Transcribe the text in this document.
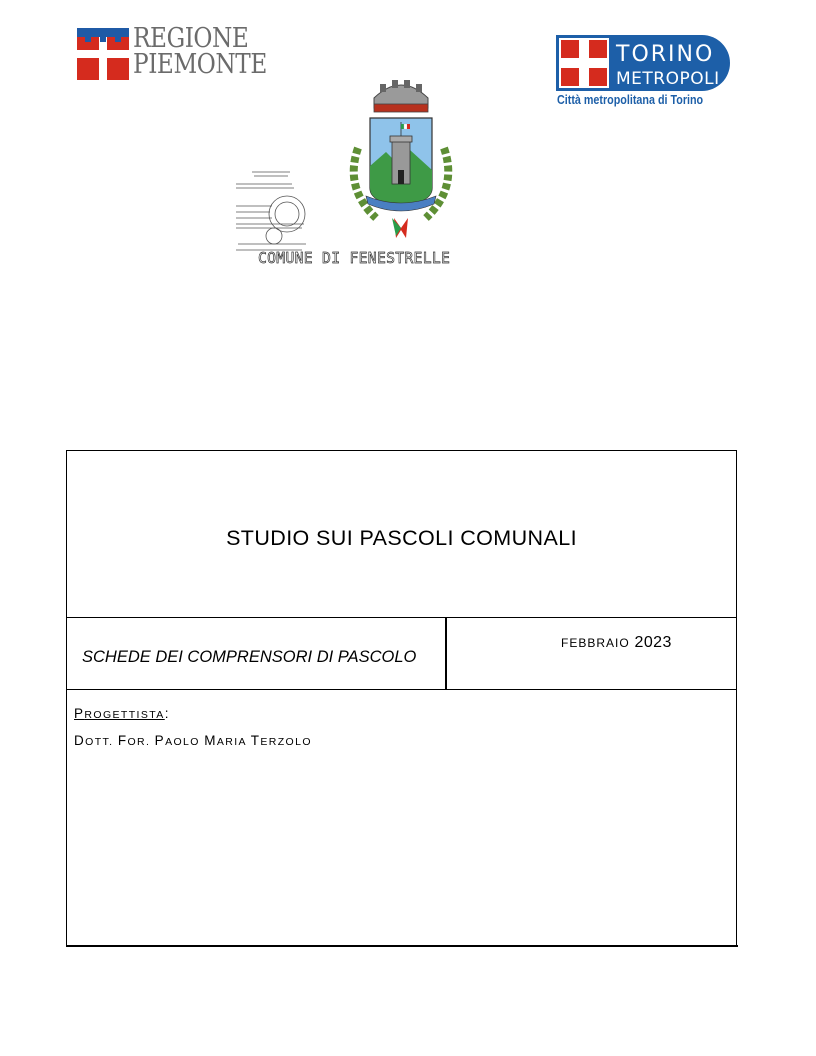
REGIONE
PIEMONTE	TORINO
METROPOLI
Città metropolitana di Torino
COMUNE DI FENESTRELLE
STUDIO SUI PASCOLI COMUNALI
SCHEDE DEI COMPRENSORI DI PASCOLO
FEBBRAIO 2023
PROGETTISTA:
DOTT. FOR. PAOLO MARIA TERZOLO
